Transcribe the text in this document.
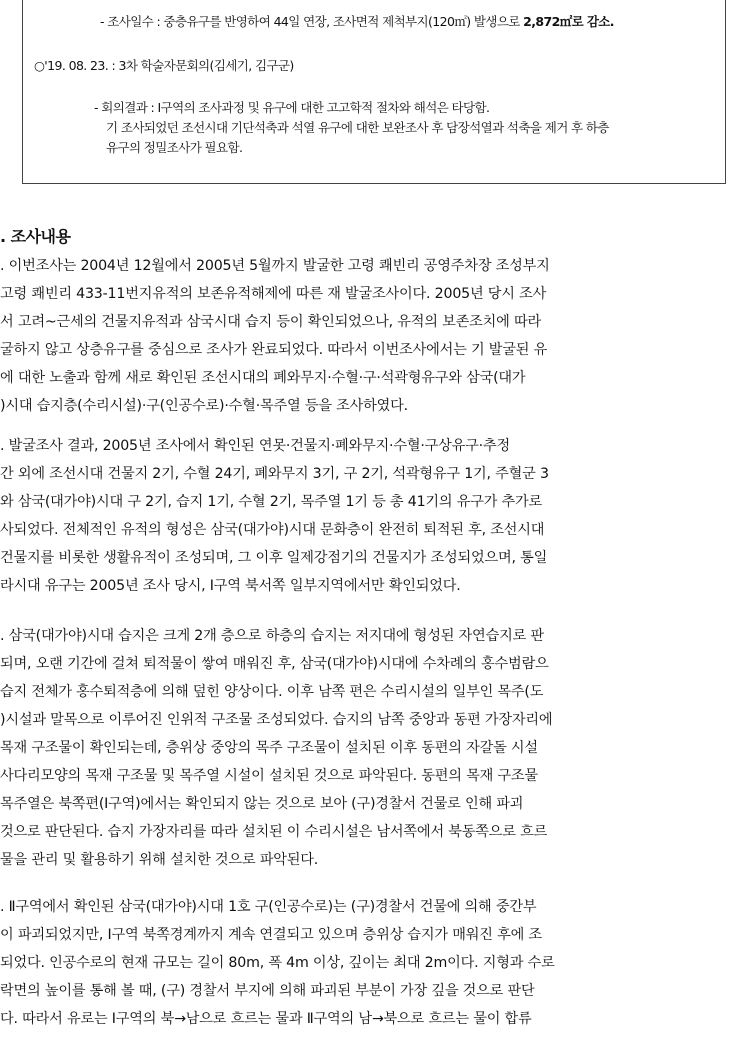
- 조사일수 : 중층유구를 반영하여 44일 연장, 조사면적 제척부지(120㎡) 발생으로 2,872㎡로 감소.
○'19. 08. 23. : 3차 학술자문회의(김세기, 김구군)
- 회의결과 : Ⅰ구역의 조사과정 및 유구에 대한 고고학적 절차와 해석은 타당함.
기 조사되었던 조선시대 기단석축과 석열 유구에 대한 보완조사 후 담장석열과 석축을 제거 후 하층
유구의 정밀조사가 필요함.
. 조사내용
. 이번조사는 2004년 12월에서 2005년 5월까지 발굴한 고령 쾌빈리 공영주차장 조성부지
고령 쾌빈리 433-11번지유적의 보존유적해제에 따른 재 발굴조사이다. 2005년 당시 조사
서 고려~근세의 건물지유적과 삼국시대 습지 등이 확인되었으나, 유적의 보존조치에 따라
굴하지 않고 상층유구를 중심으로 조사가 완료되었다. 따라서 이번조사에서는 기 발굴된 유
에 대한 노출과 함께 새로 확인된 조선시대의 폐와무지·수혈·구·석곽형유구와 삼국(대가
)시대 습지층(수리시설)·구(인공수로)·수혈·목주열 등을 조사하였다.
. 발굴조사 결과, 2005년 조사에서 확인된 연못·건물지·폐와무지·수혈·구상유구·추정
간 외에 조선시대 건물지 2기, 수혈 24기, 폐와무지 3기, 구 2기, 석곽형유구 1기, 주혈군 3
와 삼국(대가야)시대 구 2기, 습지 1기, 수혈 2기, 목주열 1기 등 총 41기의 유구가 추가로
사되었다. 전체적인 유적의 형성은 삼국(대가야)시대 문화층이 완전히 퇴적된 후, 조선시대
건물지를 비롯한 생활유적이 조성되며, 그 이후 일제강점기의 건물지가 조성되었으며, 통일
라시대 유구는 2005년 조사 당시, Ⅰ구역 북서쪽 일부지역에서만 확인되었다.
. 삼국(대가야)시대 습지은 크게 2개 층으로 하층의 습지는 저지대에 형성된 자연습지로 판
되며, 오랜 기간에 걸쳐 퇴적물이 쌓여 매워진 후, 삼국(대가야)시대에 수차례의 홍수범람으
습지 전체가 홍수퇴적층에 의해 덮힌 양상이다. 이후 남쪽 편은 수리시설의 일부인 목주(도
)시설과 말목으로 이루어진 인위적 구조물 조성되었다. 습지의 남쪽 중앙과 동편 가장자리에
목재 구조물이 확인되는데, 층위상 중앙의 목주 구조물이 설치된 이후 동편의 자갈돌 시설
사다리모양의 목재 구조물 및 목주열 시설이 설치된 것으로 파악된다. 동편의 목재 구조물
목주열은 북쪽편(Ⅰ구역)에서는 확인되지 않는 것으로 보아 (구)경찰서 건물로 인해 파괴
것으로 판단된다. 습지 가장자리를 따라 설치된 이 수리시설은 남서쪽에서 북동쪽으로 흐르
물을 관리 및 활용하기 위해 설치한 것으로 파악된다.
. Ⅱ구역에서 확인된 삼국(대가야)시대 1호 구(인공수로)는 (구)경찰서 건물에 의해 중간부
이 파괴되었지만, Ⅰ구역 북쪽경계까지 계속 연결되고 있으며 층위상 습지가 매워진 후에 조
되었다. 인공수로의 현재 규모는 길이 80m, 폭 4m 이상, 깊이는 최대 2m이다. 지형과 수로
락면의 높이를 통해 볼 때, (구) 경찰서 부지에 의해 파괴된 부분이 가장 깊을 것으로 판단
다. 따라서 유로는 Ⅰ구역의 북→남으로 흐르는 물과 Ⅱ구역의 남→북으로 흐르는 물이 합류
